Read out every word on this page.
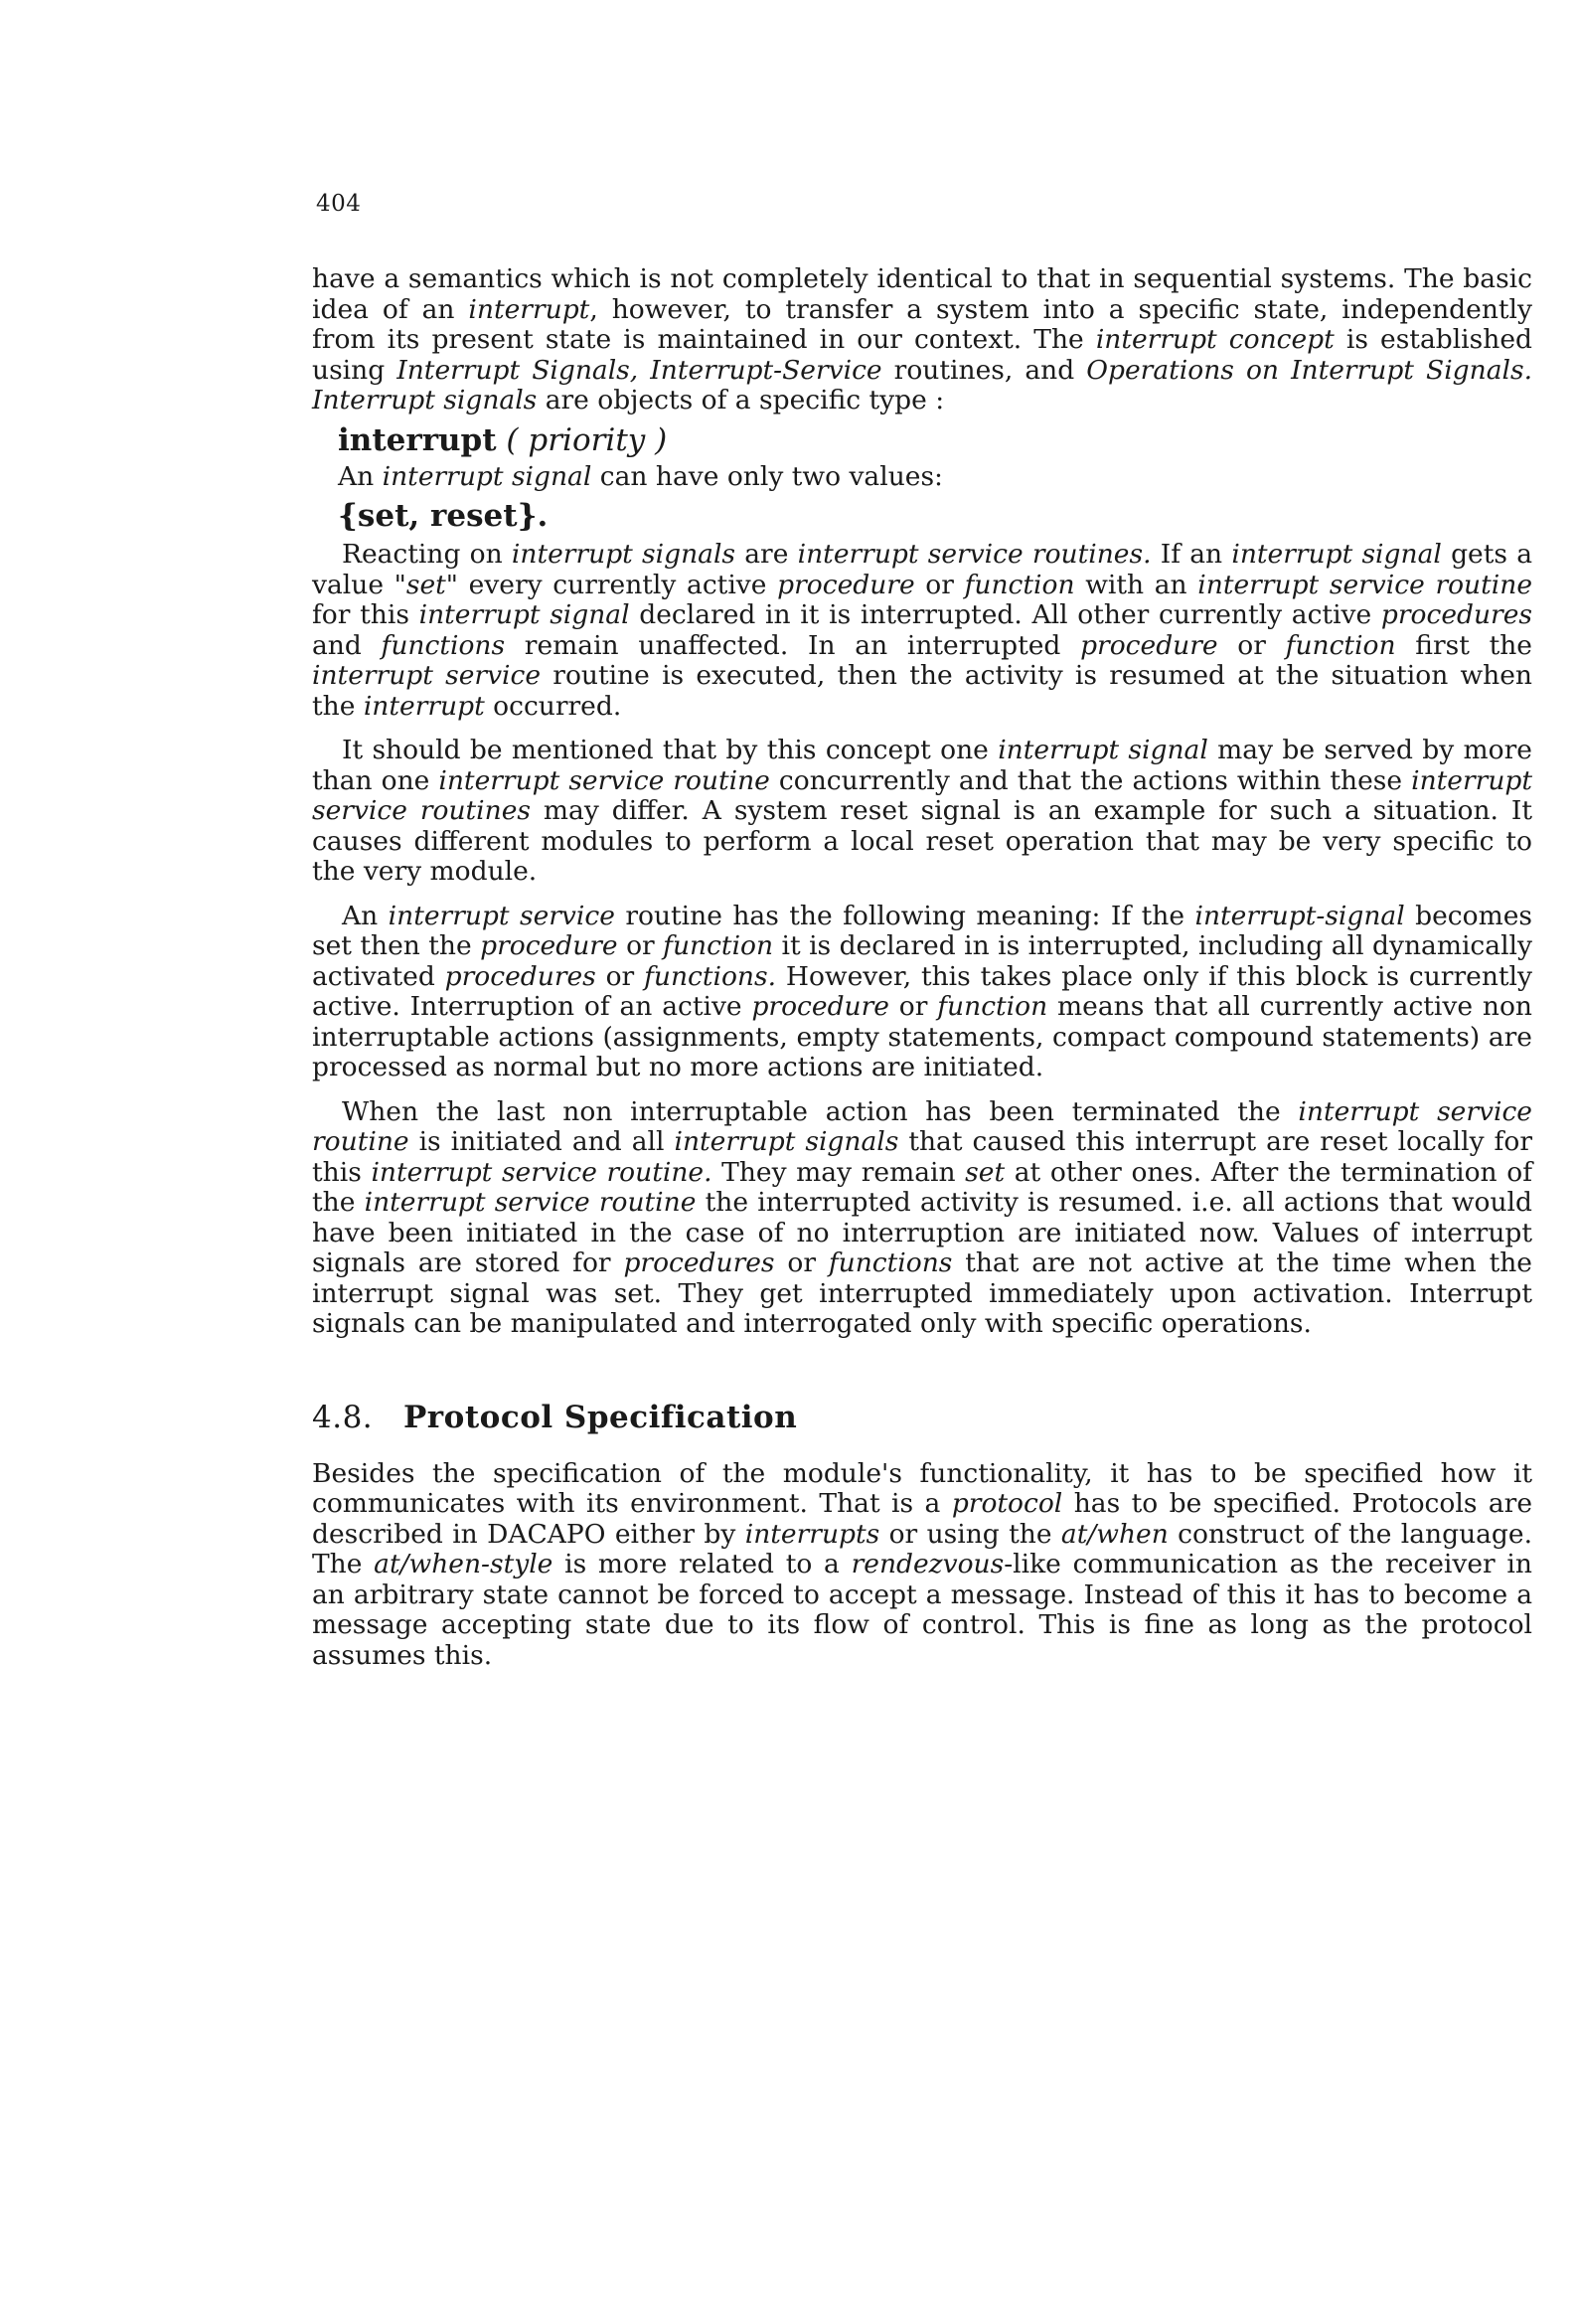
404

have a semantics which is not completely identical to that in sequential systems. The basic idea of an interrupt, however, to transfer a system into a specific state, independently from its present state is maintained in our context. The interrupt concept is established using Interrupt Signals, Interrupt-Service routines, and Operations on Interrupt Signals. Interrupt signals are objects of a specific type :

interrupt ( priority )

An interrupt signal can have only two values:

{set, reset}.

Reacting on interrupt signals are interrupt service routines. If an interrupt signal gets a value "set" every currently active procedure or function with an interrupt service routine for this interrupt signal declared in it is interrupted. All other currently active procedures and functions remain unaffected. In an interrupted procedure or function first the interrupt service routine is executed, then the activity is resumed at the situation when the interrupt occurred.

It should be mentioned that by this concept one interrupt signal may be served by more than one interrupt service routine concurrently and that the actions within these interrupt service routines may differ. A system reset signal is an example for such a situation. It causes different modules to perform a local reset operation that may be very specific to the very module.

An interrupt service routine has the following meaning: If the interrupt-signal becomes set then the procedure or function it is declared in is interrupted, including all dynamically activated procedures or functions. However, this takes place only if this block is currently active. Interruption of an active procedure or function means that all currently active non interruptable actions (assignments, empty statements, compact compound statements) are processed as normal but no more actions are initiated.

When the last non interruptable action has been terminated the interrupt service routine is initiated and all interrupt signals that caused this interrupt are reset locally for this interrupt service routine. They may remain set at other ones. After the termination of the interrupt service routine the interrupted activity is resumed. i.e. all actions that would have been initiated in the case of no interruption are initiated now. Values of interrupt signals are stored for procedures or functions that are not active at the time when the interrupt signal was set. They get interrupted immediately upon activation. Interrupt signals can be manipulated and interrogated only with specific operations.

4.8. Protocol Specification

Besides the specification of the module's functionality, it has to be specified how it communicates with its environment. That is a protocol has to be specified. Protocols are described in DACAPO either by interrupts or using the at/when construct of the language. The at/when-style is more related to a rendezvous-like communication as the receiver in an arbitrary state cannot be forced to accept a message. Instead of this it has to become a message accepting state due to its flow of control. This is fine as long as the protocol assumes this.
